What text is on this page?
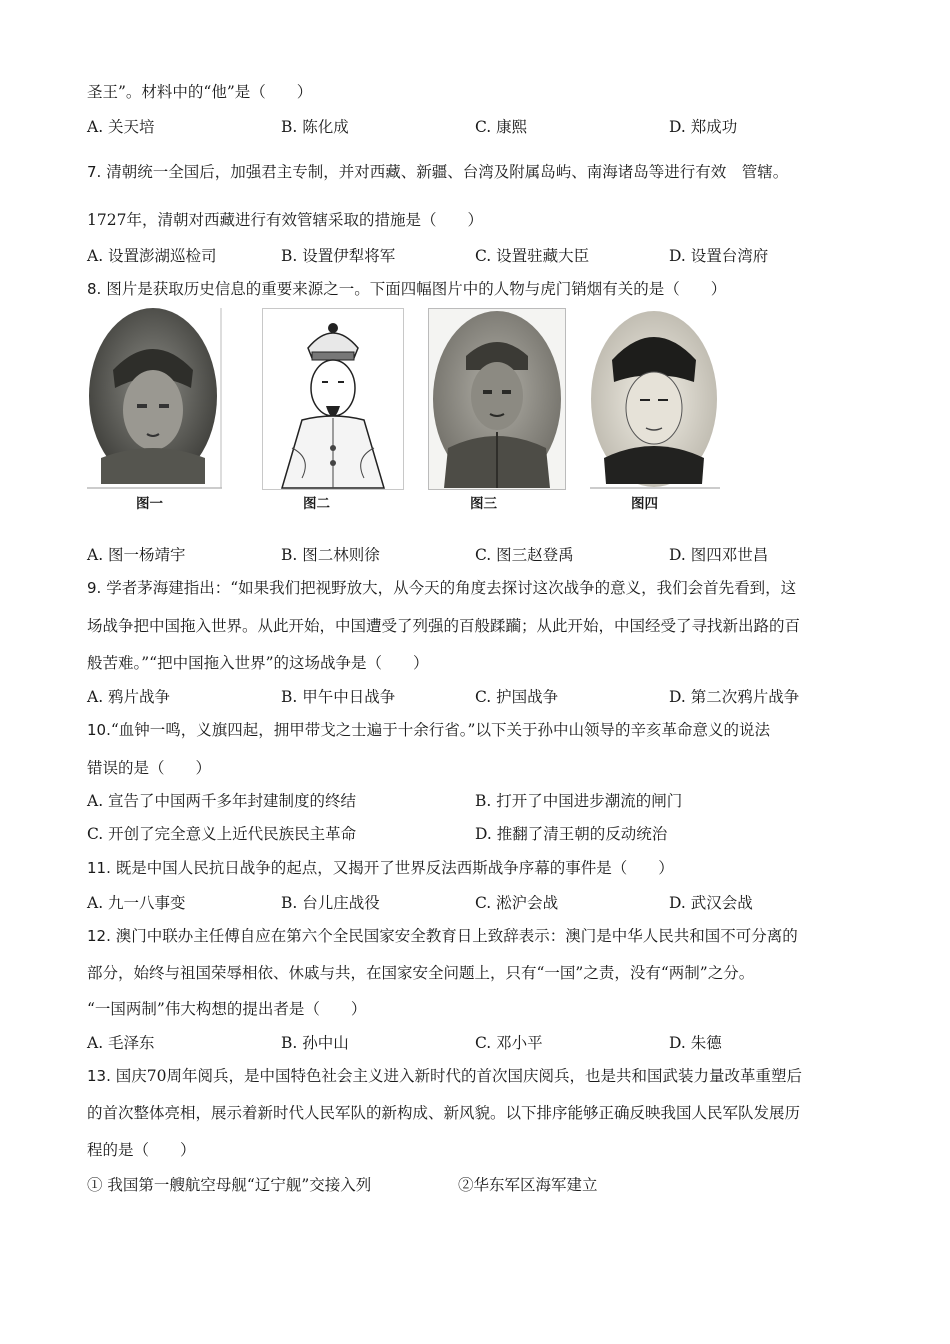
圣王”。材料中的“他”是（　　）
A. 关天培	B. 陈化成	C. 康熙	D. 郑成功
7. 清朝统一全国后，加强君主专制，并对西藏、新疆、台湾及附属岛屿、南海诸岛等进行有效　管辖。
1727年，清朝对西藏进行有效管辖采取的措施是（　　）
A. 设置澎湖巡检司	B. 设置伊犁将军	C. 设置驻藏大臣	D. 设置台湾府
8. 图片是获取历史信息的重要来源之一。下面四幅图片中的人物与虎门销烟有关的是（　　）
图一	图二	图三	图四
A. 图一杨靖宇	B. 图二林则徐	C. 图三赵登禹	D. 图四邓世昌
9. 学者茅海建指出：“如果我们把视野放大，从今天的角度去探讨这次战争的意义，我们会首先看到，这
场战争把中国拖入世界。从此开始，中国遭受了列强的百般蹂躏；从此开始，中国经受了寻找新出路的百
般苦难。”“把中国拖入世界”的这场战争是（　　）
A. 鸦片战争	B. 甲午中日战争	C. 护国战争	D. 第二次鸦片战争
10.“血钟一鸣，义旗四起，拥甲带戈之士遍于十余行省。”以下关于孙中山领导的辛亥革命意义的说法
错误的是（　　）
A. 宣告了中国两千多年封建制度的终结	B. 打开了中国进步潮流的闸门
C. 开创了完全意义上近代民族民主革命	D. 推翻了清王朝的反动统治
11. 既是中国人民抗日战争的起点，又揭开了世界反法西斯战争序幕的事件是（　　）
A. 九一八事变	B. 台儿庄战役	C. 淞沪会战	D. 武汉会战
12. 澳门中联办主任傅自应在第六个全民国家安全教育日上致辞表示：澳门是中华人民共和国不可分离的
部分，始终与祖国荣辱相依、休戚与共，在国家安全问题上，只有“一国”之责，没有“两制”之分。
“一国两制”伟大构想的提出者是（　　）
A. 毛泽东	B. 孙中山	C. 邓小平	D. 朱德
13. 国庆70周年阅兵，是中国特色社会主义进入新时代的首次国庆阅兵，也是共和国武装力量改革重塑后
的首次整体亮相，展示着新时代人民军队的新构成、新风貌。以下排序能够正确反映我国人民军队发展历
程的是（　　）
① 我国第一艘航空母舰“辽宁舰”交接入列	②华东军区海军建立
